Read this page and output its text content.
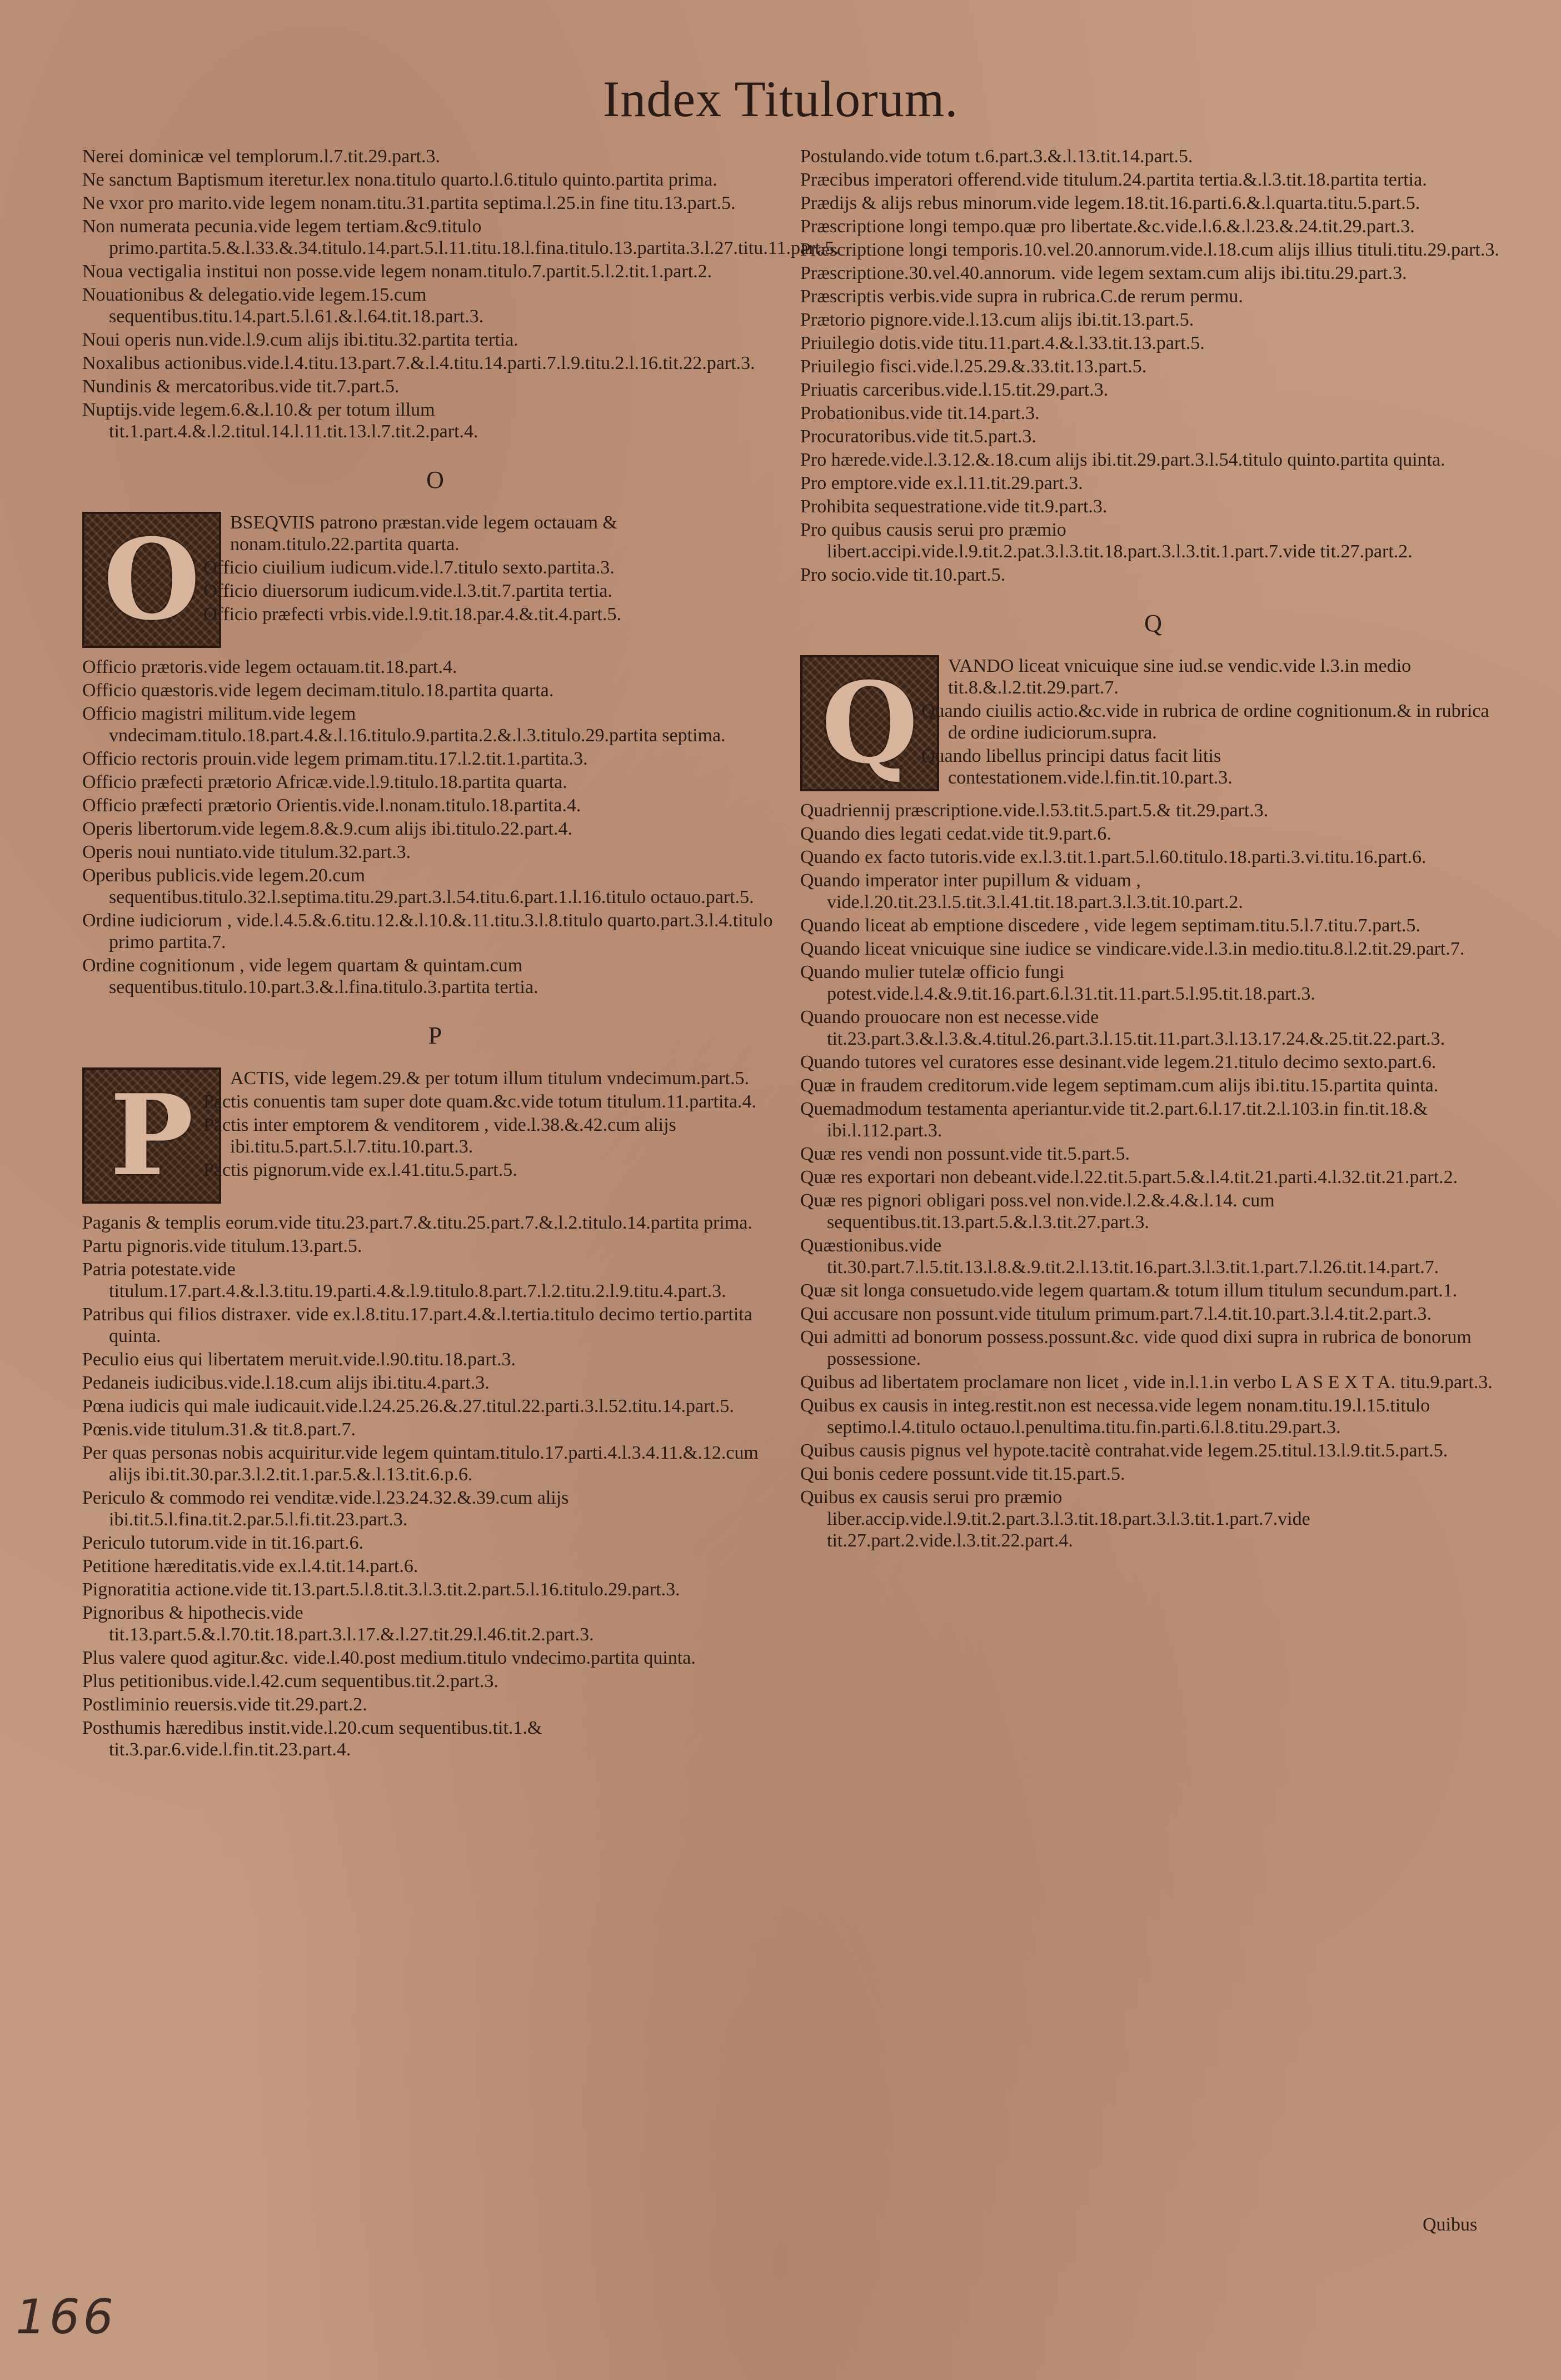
Index Titulorum.

Nerei dominicæ vel templorum.l.7.tit.29.part.3.

Ne sanctum Baptismum iteretur.lex nona.titulo quarto.l.6.titulo quinto.partita prima.

Ne vxor pro marito.vide legem nonam.titu.31.partita septima.l.25.in fine titu.13.part.5.

Non numerata pecunia.vide legem tertiam.&c9.titulo primo.partita.5.&.l.33.&.34.titulo.14.part.5.l.11.titu.18.l.fina.titulo.13.partita.3.l.27.titu.11.part.5.

Noua vectigalia institui non posse.vide legem nonam.titulo.7.partit.5.l.2.tit.1.part.2.

Nouationibus & delegatio.vide legem.15.cum sequentibus.titu.14.part.5.l.61.&.l.64.tit.18.part.3.

Noui operis nun.vide.l.9.cum alijs ibi.titu.32.partita tertia.

Noxalibus actionibus.vide.l.4.titu.13.part.7.&.l.4.titu.14.parti.7.l.9.titu.2.l.16.tit.22.part.3.

Nundinis & mercatoribus.vide tit.7.part.5.

Nuptijs.vide legem.6.&.l.10.& per totum illum tit.1.part.4.&.l.2.titul.14.l.11.tit.13.l.7.tit.2.part.4.

O
O	BSEQVIIS patrono præstan.vide legem octauam & nonam.titulo.22.partita quarta.

Officio ciuilium iudicum.vide.l.7.titulo sexto.partita.3.

Officio diuersorum iudicum.vide.l.3.tit.7.partita tertia.

Officio præfecti vrbis.vide.l.9.tit.18.par.4.&.tit.4.part.5.

Officio prætoris.vide legem octauam.tit.18.part.4.

Officio quæstoris.vide legem decimam.titulo.18.partita quarta.

Officio magistri militum.vide legem vndecimam.titulo.18.part.4.&.l.16.titulo.9.partita.2.&.l.3.titulo.29.partita septima.

Officio rectoris prouin.vide legem primam.titu.17.l.2.tit.1.partita.3.

Officio præfecti prætorio Africæ.vide.l.9.titulo.18.partita quarta.

Officio præfecti prætorio Orientis.vide.l.nonam.titulo.18.partita.4.

Operis libertorum.vide legem.8.&.9.cum alijs ibi.titulo.22.part.4.

Operis noui nuntiato.vide titulum.32.part.3.

Operibus publicis.vide legem.20.cum sequentibus.titulo.32.l.septima.titu.29.part.3.l.54.titu.6.part.1.l.16.titulo octauo.part.5.

Ordine iudiciorum , vide.l.4.5.&.6.titu.12.&.l.10.&.11.titu.3.l.8.titulo quarto.part.3.l.4.titulo primo partita.7.

Ordine cognitionum , vide legem quartam & quintam.cum sequentibus.titulo.10.part.3.&.l.fina.titulo.3.partita tertia.

P
P	ACTIS, vide legem.29.& per totum illum titulum vndecimum.part.5.

Pactis conuentis tam super dote quam.&c.vide totum titulum.11.partita.4.

Pactis inter emptorem & venditorem , vide.l.38.&.42.cum alijs ibi.titu.5.part.5.l.7.titu.10.part.3.

Pactis pignorum.vide ex.l.41.titu.5.part.5.

Paganis & templis eorum.vide titu.23.part.7.&.titu.25.part.7.&.l.2.titulo.14.partita prima.

Partu pignoris.vide titulum.13.part.5.

Patria potestate.vide titulum.17.part.4.&.l.3.titu.19.parti.4.&.l.9.titulo.8.part.7.l.2.titu.2.l.9.titu.4.part.3.

Patribus qui filios distraxer. vide ex.l.8.titu.17.part.4.&.l.tertia.titulo decimo tertio.partita quinta.

Peculio eius qui libertatem meruit.vide.l.90.titu.18.part.3.

Pedaneis iudicibus.vide.l.18.cum alijs ibi.titu.4.part.3.

Pœna iudicis qui male iudicauit.vide.l.24.25.26.&.27.titul.22.parti.3.l.52.titu.14.part.5.

Pœnis.vide titulum.31.& tit.8.part.7.

Per quas personas nobis acquiritur.vide legem quintam.titulo.17.parti.4.l.3.4.11.&.12.cum alijs ibi.tit.30.par.3.l.2.tit.1.par.5.&.l.13.tit.6.p.6.

Periculo & commodo rei venditæ.vide.l.23.24.32.&.39.cum alijs ibi.tit.5.l.fina.tit.2.par.5.l.fi.tit.23.part.3.

Periculo tutorum.vide in tit.16.part.6.

Petitione hæreditatis.vide ex.l.4.tit.14.part.6.

Pignoratitia actione.vide tit.13.part.5.l.8.tit.3.l.3.tit.2.part.5.l.16.titulo.29.part.3.

Pignoribus & hipothecis.vide tit.13.part.5.&.l.70.tit.18.part.3.l.17.&.l.27.tit.29.l.46.tit.2.part.3.

Plus valere quod agitur.&c. vide.l.40.post medium.titulo vndecimo.partita quinta.

Plus petitionibus.vide.l.42.cum sequentibus.tit.2.part.3.

Postliminio reuersis.vide tit.29.part.2.

Posthumis hæredibus instit.vide.l.20.cum sequentibus.tit.1.& tit.3.par.6.vide.l.fin.tit.23.part.4.

Postulando.vide totum t.6.part.3.&.l.13.tit.14.part.5.

Præcibus imperatori offerend.vide titulum.24.partita tertia.&.l.3.tit.18.partita tertia.

Prædijs & alijs rebus minorum.vide legem.18.tit.16.parti.6.&.l.quarta.titu.5.part.5.

Præscriptione longi tempo.quæ pro libertate.&c.vide.l.6.&.l.23.&.24.tit.29.part.3.

Præscriptione longi temporis.10.vel.20.annorum.vide.l.18.cum alijs illius tituli.titu.29.part.3.

Præscriptione.30.vel.40.annorum. vide legem sextam.cum alijs ibi.titu.29.part.3.

Præscriptis verbis.vide supra in rubrica.C.de rerum permu.

Prætorio pignore.vide.l.13.cum alijs ibi.tit.13.part.5.

Priuilegio dotis.vide titu.11.part.4.&.l.33.tit.13.part.5.

Priuilegio fisci.vide.l.25.29.&.33.tit.13.part.5.

Priuatis carceribus.vide.l.15.tit.29.part.3.

Probationibus.vide tit.14.part.3.

Procuratoribus.vide tit.5.part.3.

Pro hærede.vide.l.3.12.&.18.cum alijs ibi.tit.29.part.3.l.54.titulo quinto.partita quinta.

Pro emptore.vide ex.l.11.tit.29.part.3.

Prohibita sequestratione.vide tit.9.part.3.

Pro quibus causis serui pro præmio libert.accipi.vide.l.9.tit.2.pat.3.l.3.tit.18.part.3.l.3.tit.1.part.7.vide tit.27.part.2.

Pro socio.vide tit.10.part.5.

Q
Q	VANDO liceat vnicuique sine iud.se vendic.vide l.3.in medio tit.8.&.l.2.tit.29.part.7.

Quando ciuilis actio.&c.vide in rubrica de ordine cognitionum.& in rubrica de ordine iudiciorum.supra.

Quando libellus principi datus facit litis contestationem.vide.l.fin.tit.10.part.3.

Quadriennij præscriptione.vide.l.53.tit.5.part.5.& tit.29.part.3.

Quando dies legati cedat.vide tit.9.part.6.

Quando ex facto tutoris.vide ex.l.3.tit.1.part.5.l.60.titulo.18.parti.3.vi.titu.16.part.6.

Quando imperator inter pupillum & viduam , vide.l.20.tit.23.l.5.tit.3.l.41.tit.18.part.3.l.3.tit.10.part.2.

Quando liceat ab emptione discedere , vide legem septimam.titu.5.l.7.titu.7.part.5.

Quando liceat vnicuique sine iudice se vindicare.vide.l.3.in medio.titu.8.l.2.tit.29.part.7.

Quando mulier tutelæ officio fungi potest.vide.l.4.&.9.tit.16.part.6.l.31.tit.11.part.5.l.95.tit.18.part.3.

Quando prouocare non est necesse.vide tit.23.part.3.&.l.3.&.4.titul.26.part.3.l.15.tit.11.part.3.l.13.17.24.&.25.tit.22.part.3.

Quando tutores vel curatores esse desinant.vide legem.21.titulo decimo sexto.part.6.

Quæ in fraudem creditorum.vide legem septimam.cum alijs ibi.titu.15.partita quinta.

Quemadmodum testamenta aperiantur.vide tit.2.part.6.l.17.tit.2.l.103.in fin.tit.18.& ibi.l.112.part.3.

Quæ res vendi non possunt.vide tit.5.part.5.

Quæ res exportari non debeant.vide.l.22.tit.5.part.5.&.l.4.tit.21.parti.4.l.32.tit.21.part.2.

Quæ res pignori obligari poss.vel non.vide.l.2.&.4.&.l.14. cum sequentibus.tit.13.part.5.&.l.3.tit.27.part.3.

Quæstionibus.vide tit.30.part.7.l.5.tit.13.l.8.&.9.tit.2.l.13.tit.16.part.3.l.3.tit.1.part.7.l.26.tit.14.part.7.

Quæ sit longa consuetudo.vide legem quartam.& totum illum titulum secundum.part.1.

Qui accusare non possunt.vide titulum primum.part.7.l.4.tit.10.part.3.l.4.tit.2.part.3.

Qui admitti ad bonorum possess.possunt.&c. vide quod dixi supra in rubrica de bonorum possessione.

Quibus ad libertatem proclamare non licet , vide in.l.1.in verbo L A S E X T A. titu.9.part.3.

Quibus ex causis in integ.restit.non est necessa.vide legem nonam.titu.19.l.15.titulo septimo.l.4.titulo octauo.l.penultima.titu.fin.parti.6.l.8.titu.29.part.3.

Quibus causis pignus vel hypote.tacitè contrahat.vide legem.25.titul.13.l.9.tit.5.part.5.

Qui bonis cedere possunt.vide tit.15.part.5.

Quibus ex causis serui pro præmio liber.accip.vide.l.9.tit.2.part.3.l.3.tit.18.part.3.l.3.tit.1.part.7.vide tit.27.part.2.vide.l.3.tit.22.part.4.

Quibus
166
